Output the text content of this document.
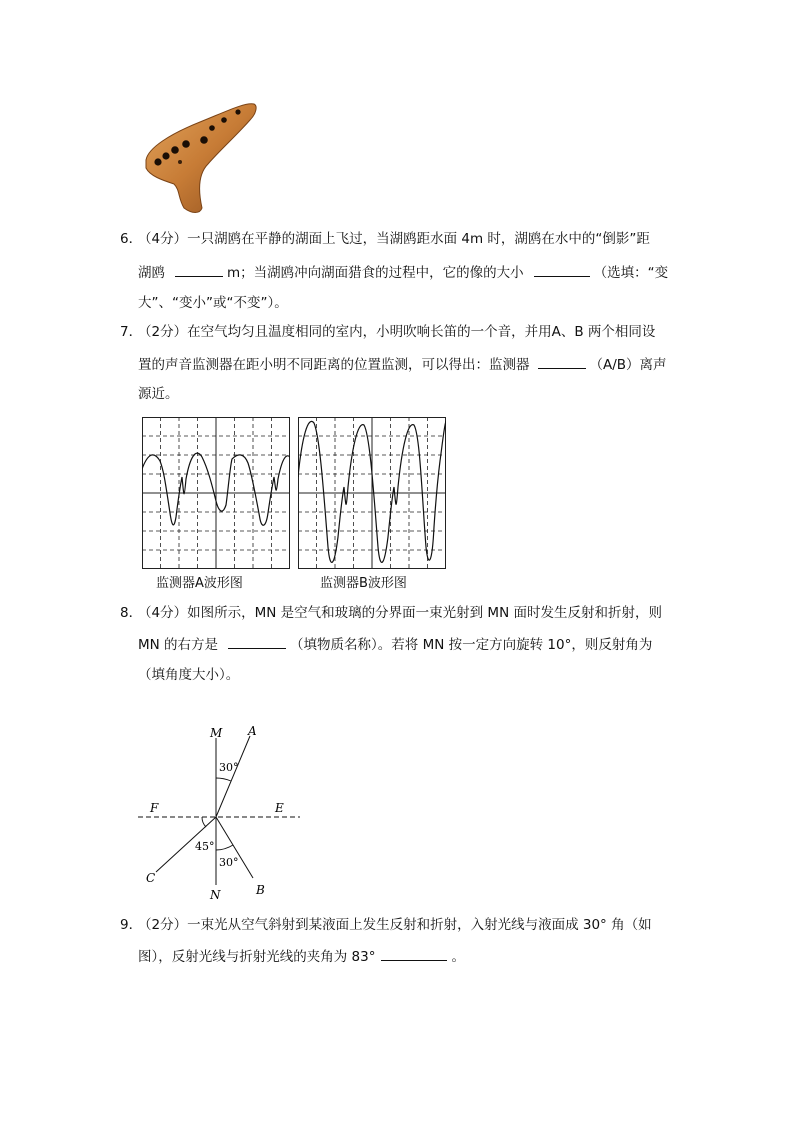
6．
（4分）一只湖鸥在平静的湖面上飞过，当湖鸥距水面 4m 时，湖鸥在水中的“倒影”距
湖鸥	m；当湖鸥冲向湖面猎食的过程中，它的像的大小	（选填：“变
大”、“变小”或“不变”）。
7．
（2分）在空气均匀且温度相同的室内，小明吹响长笛的一个音，并用A、B 两个相同设
置的声音监测器在距小明不同距离的位置监测，可以得出：监测器	（A/B）离声
源近。
监测器A波形图	监测器B波形图
8．
（4分）如图所示，MN 是空气和玻璃的分界面一束光射到 MN 面时发生反射和折射，则
MN 的右方是	（填物质名称）。若将 MN 按一定方向旋转 10°，则反射角为
（填角度大小）。
M A
F	E
C
N	B
30°
45°
30°
9．
（2分）一束光从空气斜射到某液面上发生反射和折射，入射光线与液面成 30° 角（如
图），反射光线与折射光线的夹角为 83°	。
